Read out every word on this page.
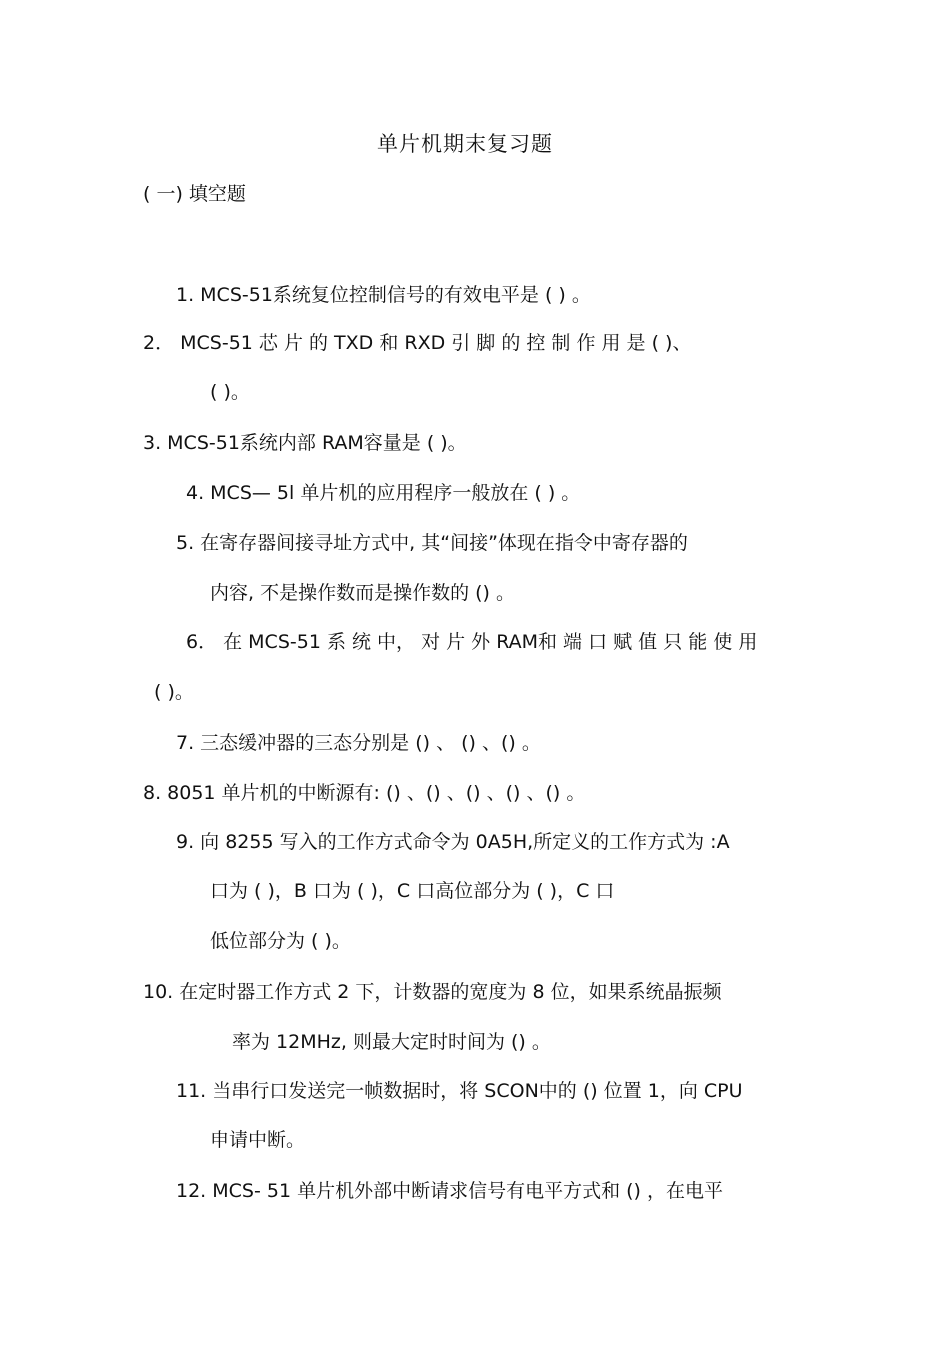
单片机期末复习题
( 一) 填空题
1. MCS-51系统复位控制信号的有效电平是 ( ) 。
2． MCS-51 芯 片 的 TXD 和 RXD 引 脚 的 控 制 作 用 是 ( )、
( )。
3. MCS-51系统内部 RAM容量是 ( )。
4. MCS— 5l 单片机的应用程序一般放在 ( ) 。
5. 在寄存器间接寻址方式中, 其“间接”体现在指令中寄存器的
内容, 不是操作数而是操作数的 () 。
6． 在 MCS-51 系 统 中， 对 片 外 RAM和 端 口 赋 值 只 能 使 用
( )。
7. 三态缓冲器的三态分别是 () 、 () 、() 。
8. 8051 单片机的中断源有: () 、() 、() 、() 、() 。
9. 向 8255 写入的工作方式命令为 0A5H,所定义的工作方式为 :A
口为 ( )，B 口为 ( )，C 口高位部分为 ( )，C 口
低位部分为 ( )。
10. 在定时器工作方式 2 下，计数器的宽度为 8 位，如果系统晶振频
率为 12MHz, 则最大定时时间为 () 。
11. 当串行口发送完一帧数据时，将 SCON中的 () 位置 1，向 CPU
申请中断。
12. MCS- 51 单片机外部中断请求信号有电平方式和 () ，在电平
